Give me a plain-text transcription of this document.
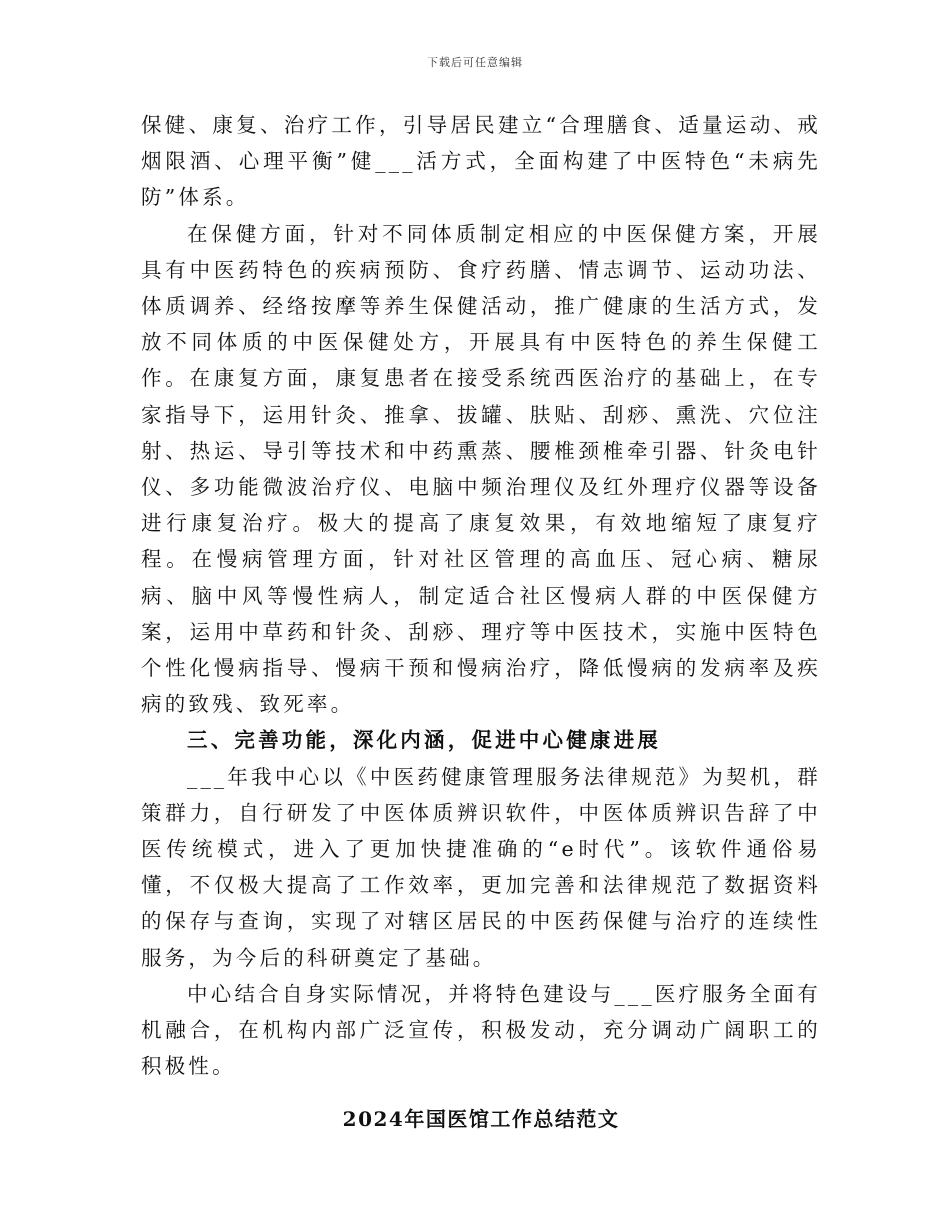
下载后可任意编辑

保健、康复、治疗工作，引导居民建立“合理膳食、适量运动、戒烟限酒、心理平衡”健___活方式，全面构建了中医特色“未病先防”体系。

在保健方面，针对不同体质制定相应的中医保健方案，开展具有中医药特色的疾病预防、食疗药膳、情志调节、运动功法、体质调养、经络按摩等养生保健活动，推广健康的生活方式，发放不同体质的中医保健处方，开展具有中医特色的养生保健工作。在康复方面，康复患者在接受系统西医治疗的基础上，在专家指导下，运用针灸、推拿、拔罐、肤贴、刮痧、熏洗、穴位注射、热运、导引等技术和中药熏蒸、腰椎颈椎牵引器、针灸电针仪、多功能微波治疗仪、电脑中频治理仪及红外理疗仪器等设备进行康复治疗。极大的提高了康复效果，有效地缩短了康复疗程。在慢病管理方面，针对社区管理的高血压、冠心病、糖尿病、脑中风等慢性病人，制定适合社区慢病人群的中医保健方案，运用中草药和针灸、刮痧、理疗等中医技术，实施中医特色个性化慢病指导、慢病干预和慢病治疗，降低慢病的发病率及疾病的致残、致死率。

三、完善功能，深化内涵，促进中心健康进展

___年我中心以《中医药健康管理服务法律规范》为契机，群策群力，自行研发了中医体质辨识软件，中医体质辨识告辞了中医传统模式，进入了更加快捷准确的“e时代”。该软件通俗易懂，不仅极大提高了工作效率，更加完善和法律规范了数据资料的保存与查询，实现了对辖区居民的中医药保健与治疗的连续性服务，为今后的科研奠定了基础。

中心结合自身实际情况，并将特色建设与___医疗服务全面有机融合，在机构内部广泛宣传，积极发动，充分调动广阔职工的积极性。

2024年国医馆工作总结范文
